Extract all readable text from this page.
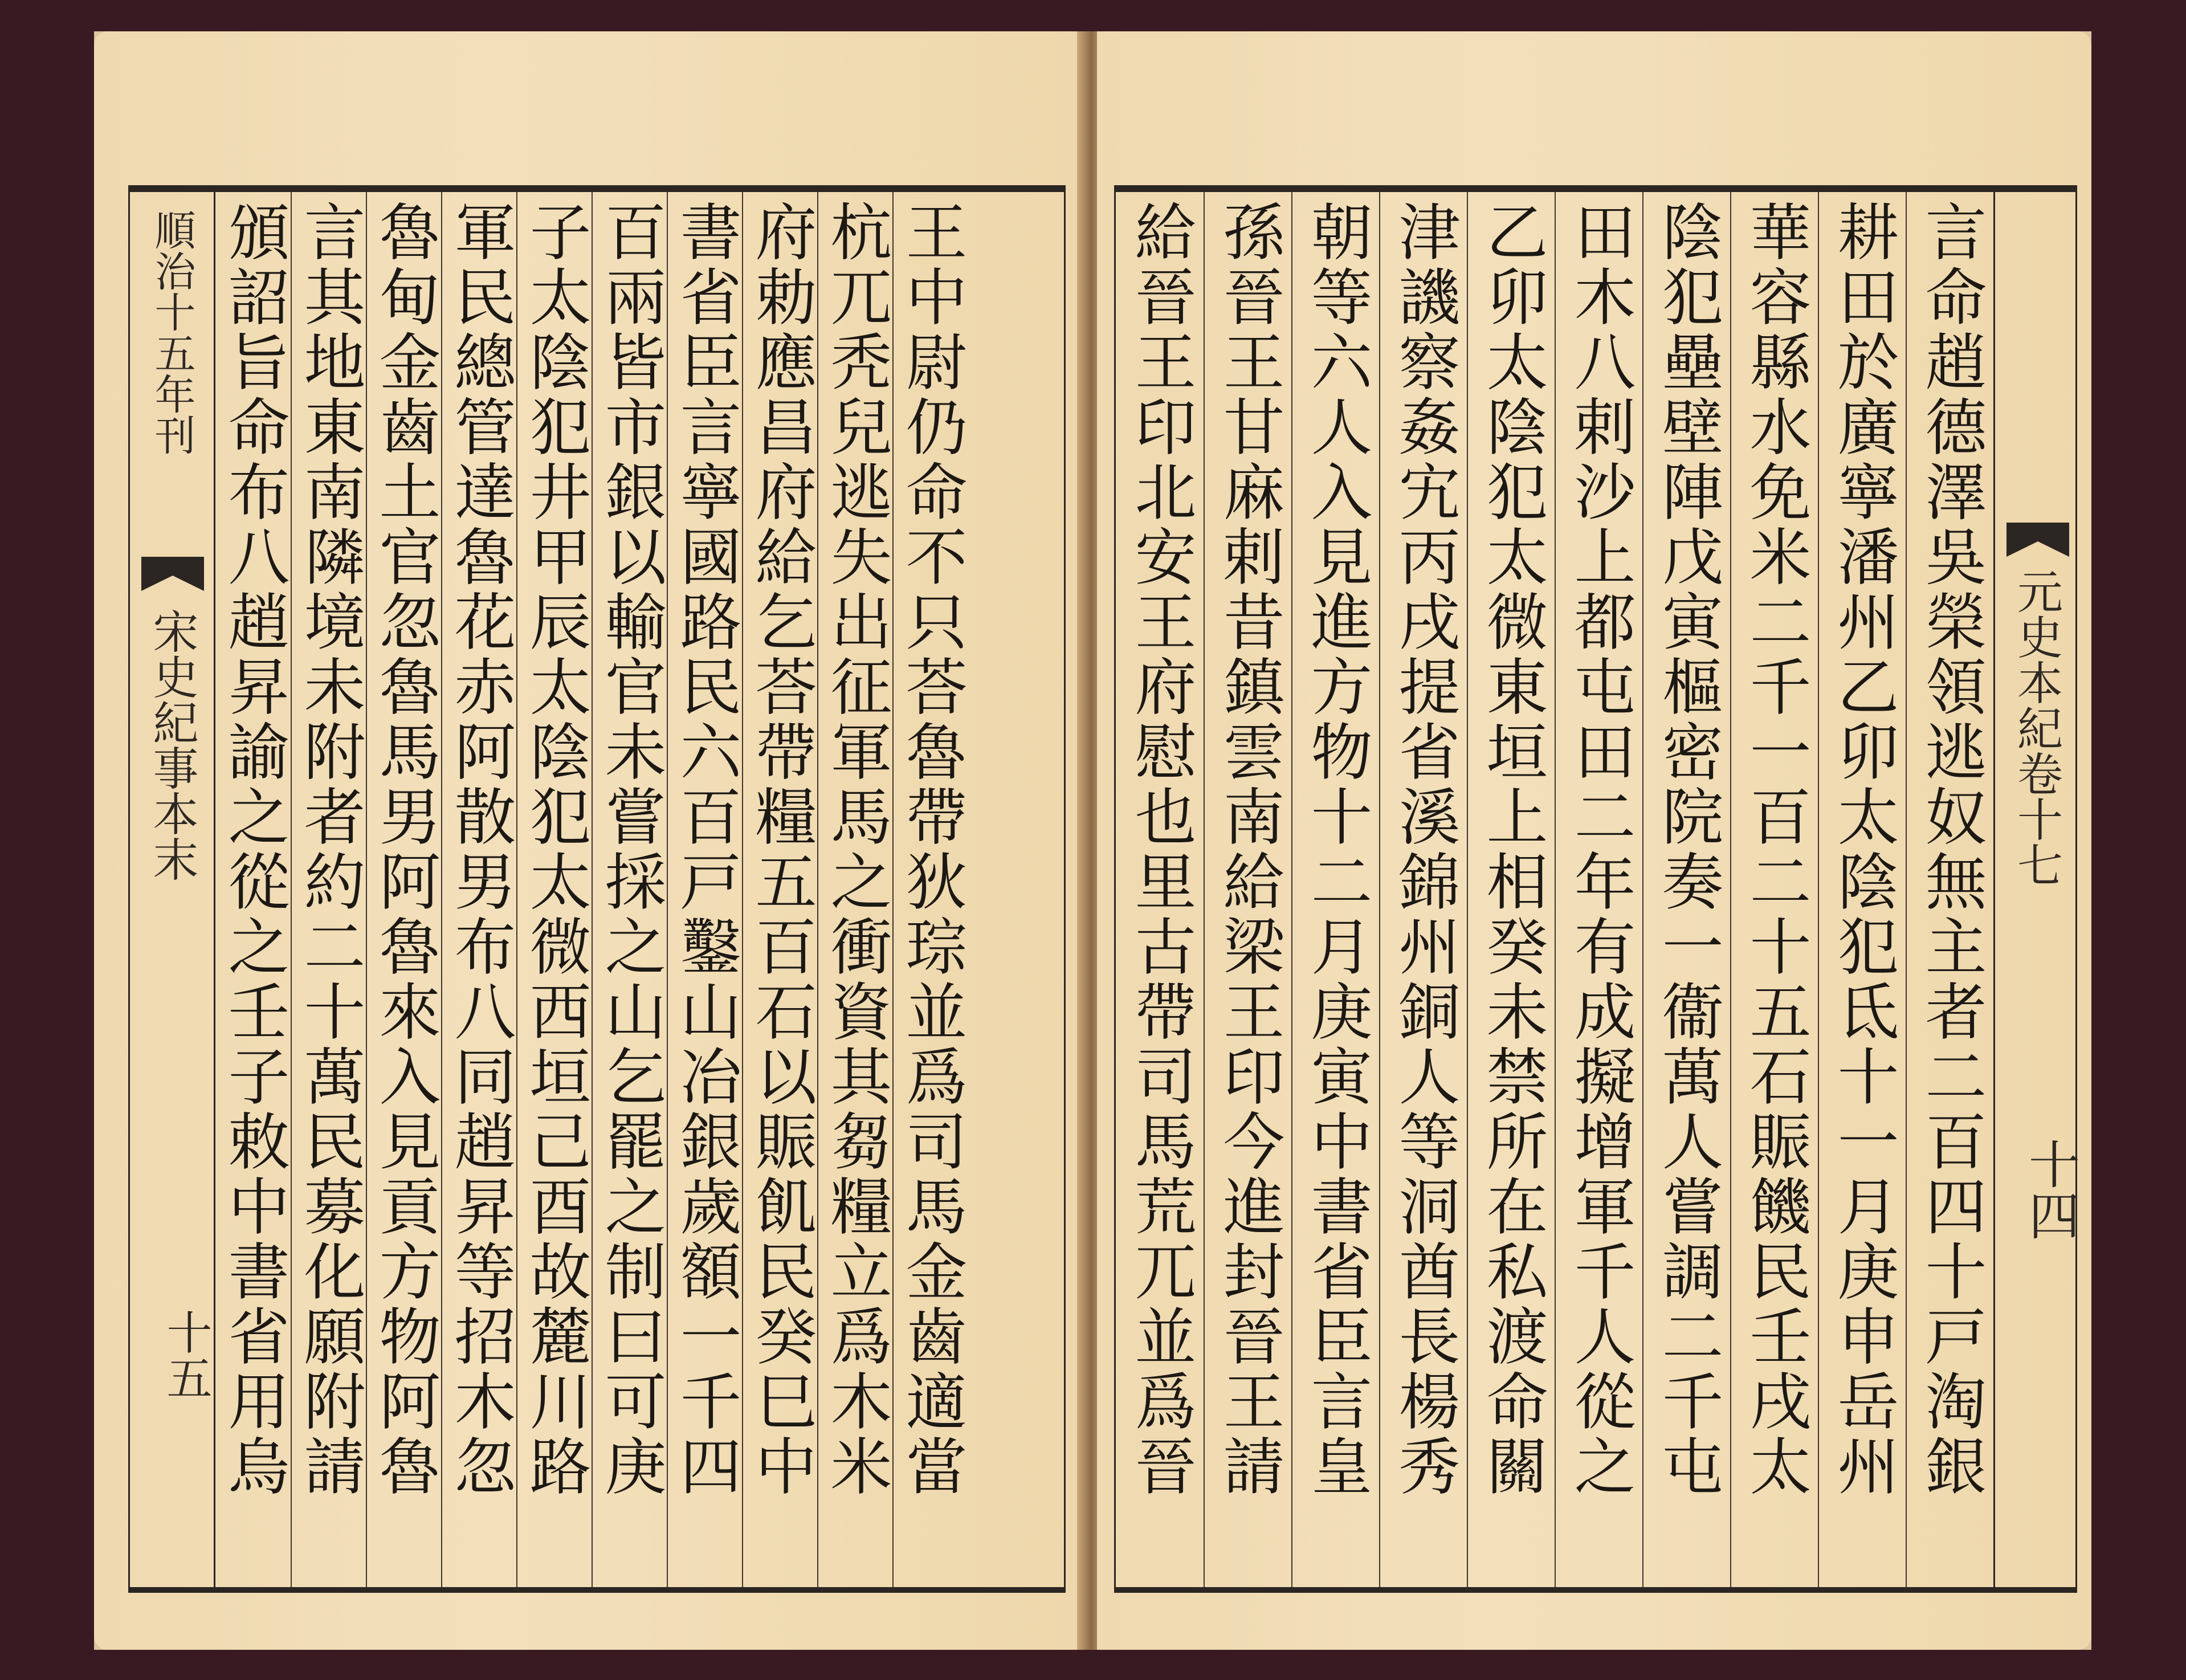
順治十五年刊
宋史紀事本末
十五	王中尉仍命不只荅魯帶狄琮並爲司馬金齒適當
杭兀秃兒逃失出征軍馬之衝資其芻糧立爲木米
府勅應昌府給乞荅帶糧五百石以賑飢民癸巳中
書省臣言寧國路民六百戸鑿山冶銀歲額一千四
百兩皆市銀以輸官未嘗採之山乞罷之制曰可庚
子太陰犯井甲辰太陰犯太微西垣己酉故麓川路
軍民總管達魯花赤阿散男布八同趙昇等招木忽
魯甸金齒土官忽魯馬男阿魯來入見貢方物阿魯
言其地東南隣境未附者約二十萬民募化願附請
頒詔旨命布八趙昇諭之從之壬子敕中書省用烏	元史本紀卷十七
十四
言命趙德澤吳榮領逃奴無主者二百四十戸淘銀
耕田於廣寧潘州乙卯太陰犯氐十一月庚申岳州
華容縣水免米二千一百二十五石賑饑民壬戌太
陰犯壘壁陣戊寅樞密院奏一衞萬人嘗調二千屯
田木八剌沙上都屯田二年有成擬增軍千人從之
乙卯太陰犯太微東垣上相癸未禁所在私渡命關
津譏察姦宄丙戌提省溪錦州銅人等洞酋長楊秀
朝等六人入見進方物十二月庚寅中書省臣言皇
孫晉王甘麻剌昔鎮雲南給梁王印今進封晉王請
給晉王印北安王府慰也里古帶司馬荒兀並爲晉
